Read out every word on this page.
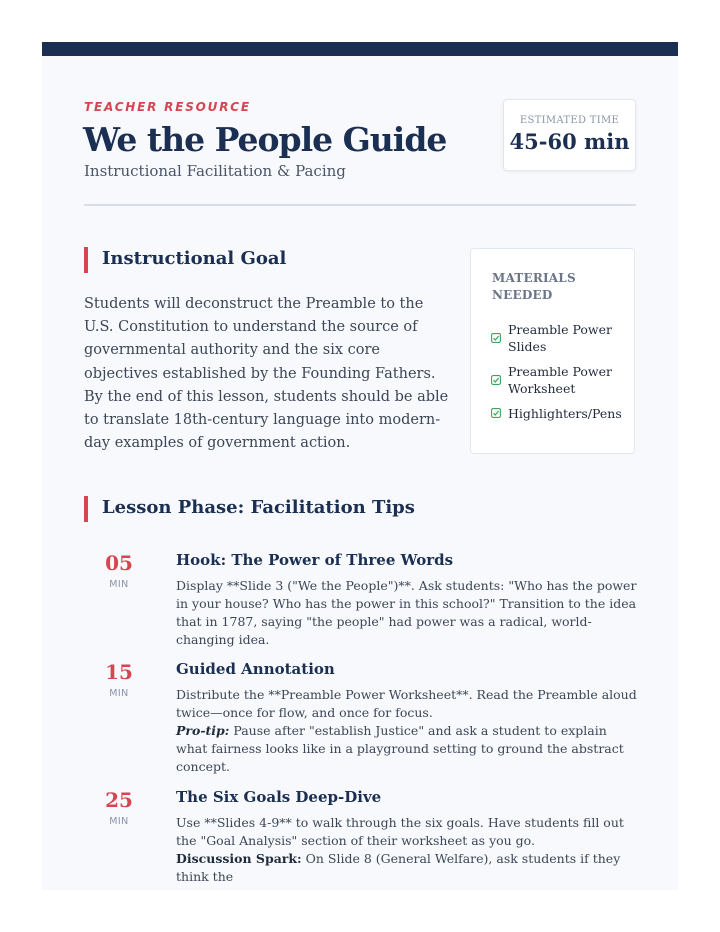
TEACHER RESOURCE
We the People Guide
Instructional Facilitation & Pacing
ESTIMATED TIME
45-60 min
Instructional Goal

Students will deconstruct the Preamble to the U.S. Constitution to understand the source of governmental authority and the six core objectives established by the Founding Fathers. By the end of this lesson, students should be able to translate 18th-century language into modern-day examples of government action.

MATERIALS NEEDED
Preamble Power Slides
Preamble Power Worksheet
Highlighters/Pens
Lesson Phase: Facilitation Tips
05
MIN
Hook: The Power of Three Words
Display **Slide 3 ("We the People")**. Ask students: "Who has the power in your house? Who has the power in this school?" Transition to the idea that in 1787, saying "the people" had power was a radical, world-changing idea.
15
MIN
Guided Annotation
Distribute the **Preamble Power Worksheet**. Read the Preamble aloud twice—once for flow, and once for focus.
Pro-tip: Pause after "establish Justice" and ask a student to explain what fairness looks like in a playground setting to ground the abstract concept.
25
MIN
The Six Goals Deep-Dive
Use **Slides 4-9** to walk through the six goals. Have students fill out the "Goal Analysis" section of their worksheet as you go.
Discussion Spark: On Slide 8 (General Welfare), ask students if they think the
